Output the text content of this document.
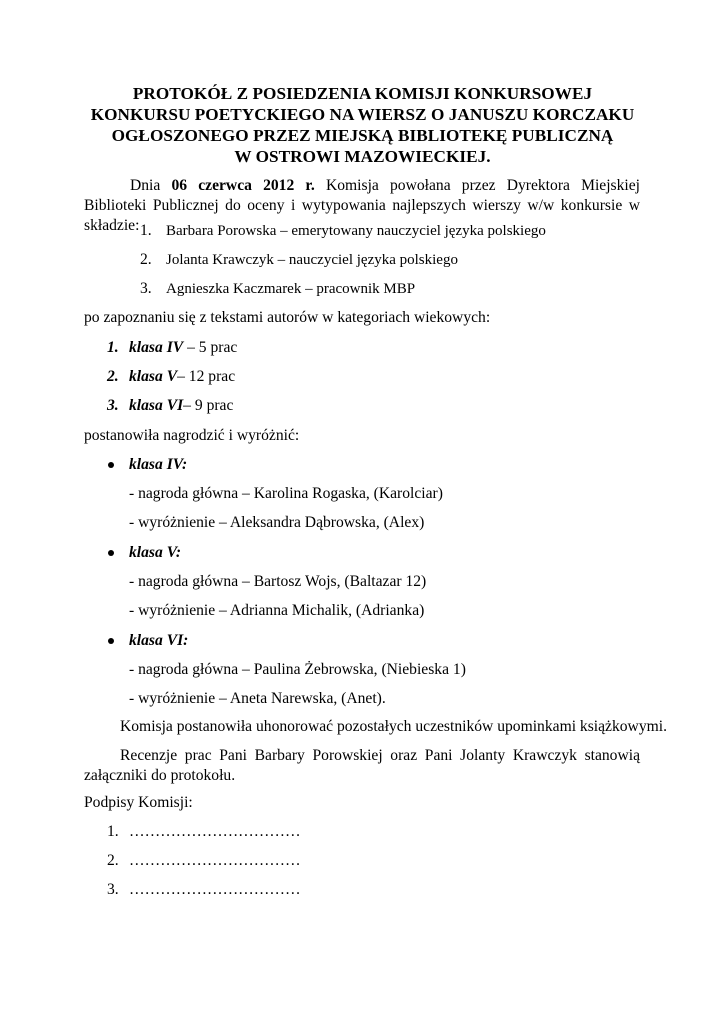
PROTOKÓŁ Z POSIEDZENIA KOMISJI KONKURSOWEJ
KONKURSU POETYCKIEGO NA WIERSZ O JANUSZU KORCZAKU
OGŁOSZONEGO PRZEZ MIEJSKĄ BIBLIOTEKĘ PUBLICZNĄ
W OSTROWI MAZOWIECKIEJ.
Dnia 06 czerwca 2012 r. Komisja powołana przez Dyrektora Miejskiej Biblioteki Publicznej do oceny i wytypowania najlepszych wierszy w/w konkursie w składzie: 1. Barbara Porowska – emerytowany nauczyciel języka polskiego
2. Jolanta Krawczyk – nauczyciel języka polskiego
3. Agnieszka Kaczmarek – pracownik MBP
po zapoznaniu się z tekstami autorów w kategoriach wiekowych:
1. klasa IV – 5 prac
2. klasa V– 12 prac
3. klasa VI– 9 prac
postanowiła nagrodzić i wyróżnić:
klasa IV:
- nagroda główna – Karolina Rogaska, (Karolciar)
- wyróżnienie – Aleksandra Dąbrowska, (Alex)
klasa V:
- nagroda główna – Bartosz Wojs, (Baltazar 12)
- wyróżnienie – Adrianna Michalik, (Adrianka)
klasa VI:
- nagroda główna – Paulina Żebrowska, (Niebieska 1)
- wyróżnienie – Aneta Narewska, (Anet).
Komisja postanowiła uhonorować pozostałych uczestników upominkami książkowymi.
Recenzje prac Pani Barbary Porowskiej oraz Pani Jolanty Krawczyk stanowią załączniki do protokołu.
Podpisy Komisji:
1. ……………………………
2. ……………………………
3. ……………………………
